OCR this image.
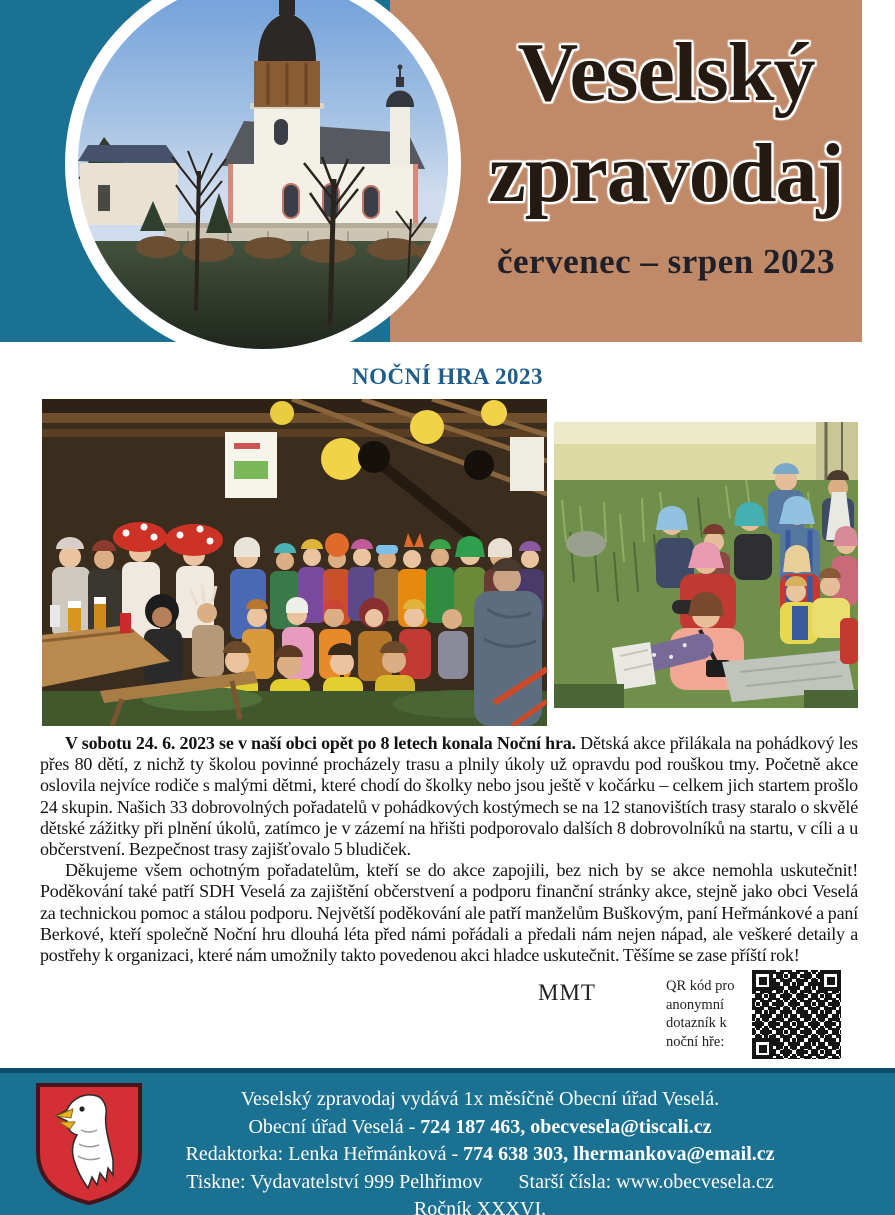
Veselský
zpravodaj
červenec – srpen 2023
NOČNÍ HRA 2023

V sobotu 24. 6. 2023 se v naší obci opět po 8 letech konala Noční hra. Dětská akce přilákala na pohádkový les přes 80 dětí, z nichž ty školou povinné procházely trasu a plnily úkoly už opravdu pod rouškou tmy. Početně akce oslovila nejvíce rodiče s malými dětmi, které chodí do školky nebo jsou ještě v kočárku – celkem jich startem prošlo 24 skupin. Našich 33 dobrovolných pořadatelů v pohádkových kostýmech se na 12 stanovištích trasy staralo o skvělé dětské zážitky při plnění úkolů, zatímco je v zázemí na hřišti podporovalo dalších 8 dobrovolníků na startu, v cíli a u občerstvení. Bezpečnost trasy zajišťovalo 5 bludiček.

Děkujeme všem ochotným pořadatelům, kteří se do akce zapojili, bez nich by se akce nemohla uskutečnit! Poděkování také patří SDH Veselá za zajištění občerstvení a podporu finanční stránky akce, stejně jako obci Veselá za technickou pomoc a stálou podporu. Největší poděkování ale patří manželům Buškovým, paní Heřmánkové a paní Berkové, kteří společně Noční hru dlouhá léta před námi pořádali a předali nám nejen nápad, ale veškeré detaily a postřehy k organizaci, které nám umožnily takto povedenou akci hladce uskutečnit. Těšíme se zase příští rok!

MMT	QR kód pro anonymní dotazník k noční hře:
Veselský zpravodaj vydává 1x měsíčně Obecní úřad Veselá.
Obecní úřad Veselá - 724 187 463, obecvesela@tiscali.cz
Redaktorka: Lenka Heřmánková - 774 638 303, lhermankova@email.cz
Tiskne: Vydavatelství 999 Pelhřimov Starší čísla: www.obecvesela.cz
Ročník XXXVI.
